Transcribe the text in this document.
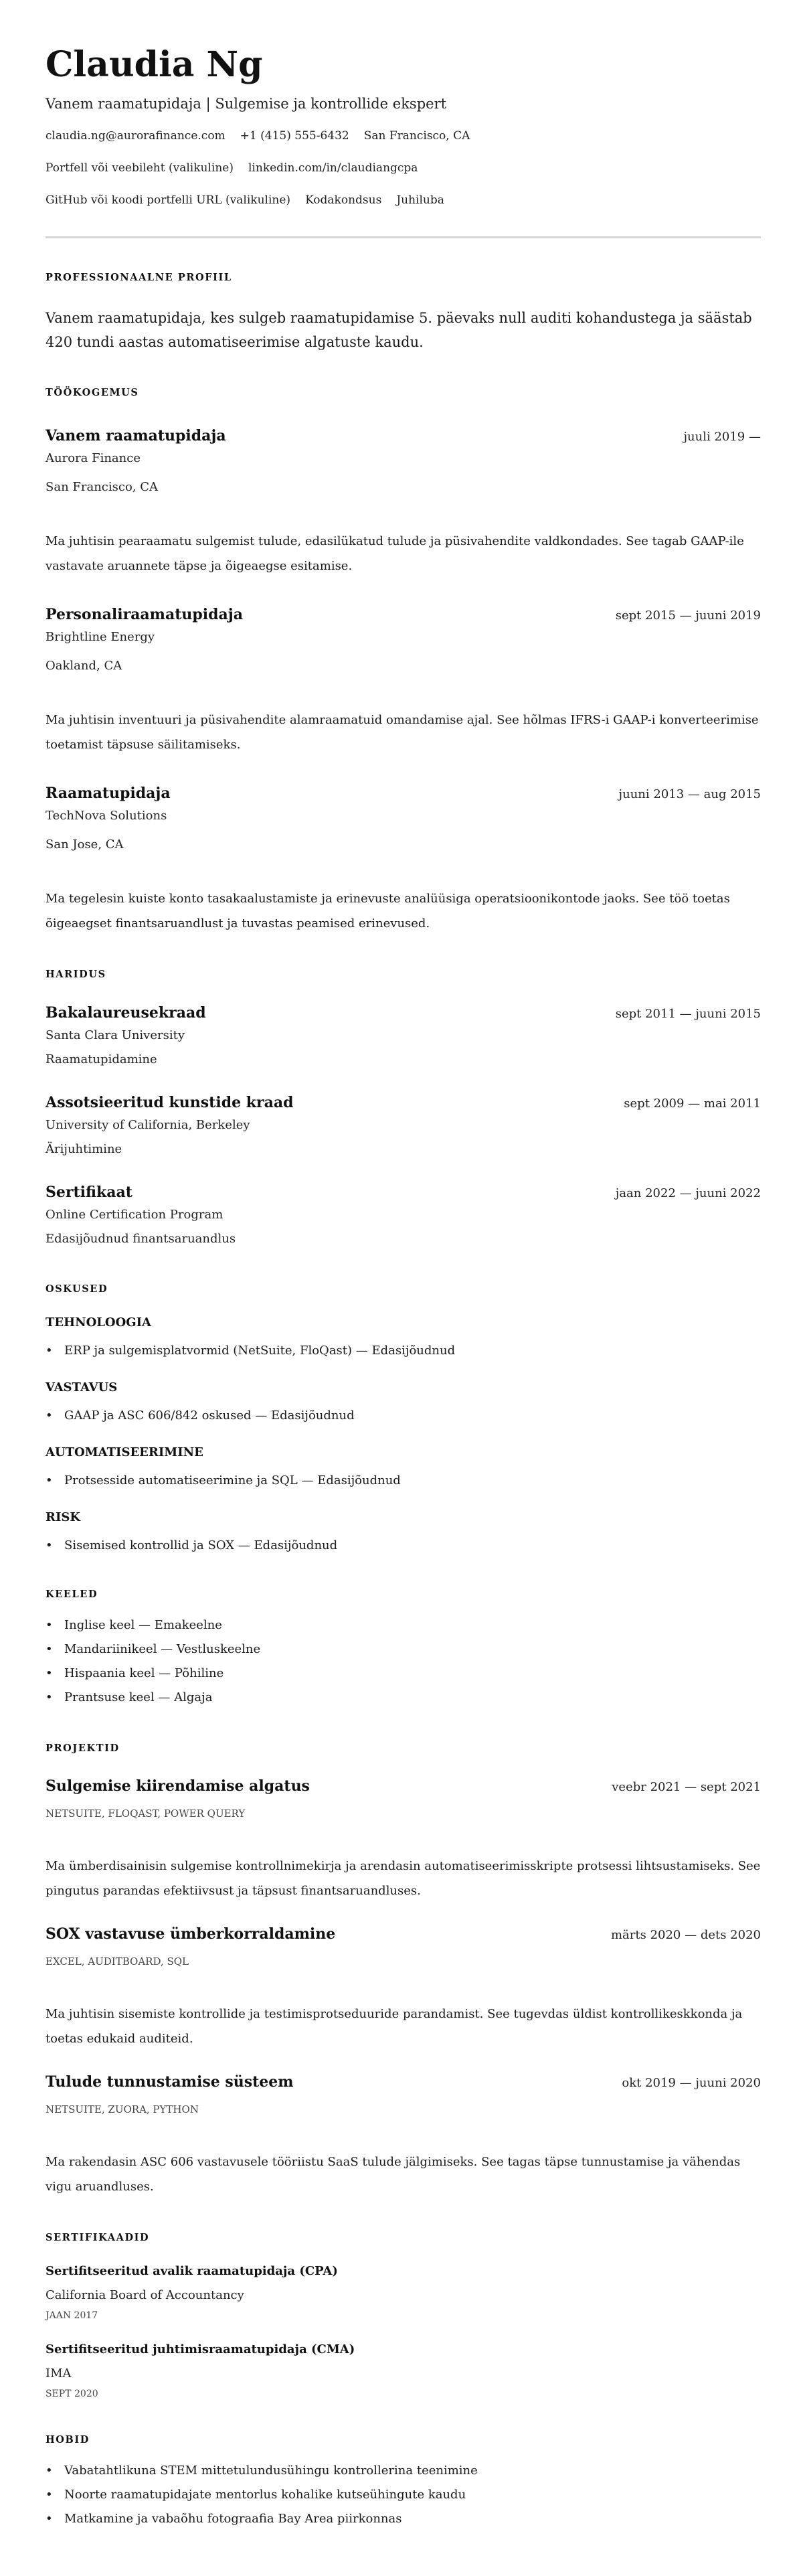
Claudia Ng
Vanem raamatupidaja | Sulgemise ja kontrollide ekspert
claudia.ng@aurorafinance.com +1 (415) 555-6432 San Francisco, CA
Portfell või veebileht (valikuline) linkedin.com/in/claudiangcpa
GitHub või koodi portfelli URL (valikuline) Kodakondsus Juhiluba
PROFESSIONAALNE PROFIIL
Vanem raamatupidaja, kes sulgeb raamatupidamise 5. päevaks null auditi kohandustega ja säästab 420 tundi aastas automatiseerimise algatuste kaudu.
TÖÖKOGEMUS
Vanem raamatupidaja	juuli 2019 —
Aurora Finance
San Francisco, CA
Ma juhtisin pearaamatu sulgemist tulude, edasilükatud tulude ja püsivahendite valdkondades. See tagab GAAP-ile vastavate aruannete täpse ja õigeaegse esitamise.
Personaliraamatupidaja	sept 2015 — juuni 2019
Brightline Energy
Oakland, CA
Ma juhtisin inventuuri ja püsivahendite alamraamatuid omandamise ajal. See hõlmas IFRS-i GAAP-i konverteerimise toetamist täpsuse säilitamiseks.
Raamatupidaja	juuni 2013 — aug 2015
TechNova Solutions
San Jose, CA
Ma tegelesin kuiste konto tasakaalustamiste ja erinevuste analüüsiga operatsioonikontode jaoks. See töö toetas õigeaegset finantsaruandlust ja tuvastas peamised erinevused.
HARIDUS
Bakalaureusekraad	sept 2011 — juuni 2015
Santa Clara University
Raamatupidamine
Assotsieeritud kunstide kraad	sept 2009 — mai 2011
University of California, Berkeley
Ärijuhtimine
Sertifikaat	jaan 2022 — juuni 2022
Online Certification Program
Edasijõudnud finantsaruandlus
OSKUSED
TEHNOLOOGIA
• ERP ja sulgemisplatvormid (NetSuite, FloQast) — Edasijõudnud
VASTAVUS
• GAAP ja ASC 606/842 oskused — Edasijõudnud
AUTOMATISEERIMINE
• Protsesside automatiseerimine ja SQL — Edasijõudnud
RISK
• Sisemised kontrollid ja SOX — Edasijõudnud
KEELED
• Inglise keel — Emakeelne
• Mandariinikeel — Vestluskeelne
• Hispaania keel — Põhiline
• Prantsuse keel — Algaja
PROJEKTID
Sulgemise kiirendamise algatus	veebr 2021 — sept 2021
NETSUITE, FLOQAST, POWER QUERY
Ma ümberdisainisin sulgemise kontrollnimekirja ja arendasin automatiseerimisskripte protsessi lihtsustamiseks. See pingutus parandas efektiivsust ja täpsust finantsaruandluses.
SOX vastavuse ümberkorraldamine	märts 2020 — dets 2020
EXCEL, AUDITBOARD, SQL
Ma juhtisin sisemiste kontrollide ja testimisprotseduuride parandamist. See tugevdas üldist kontrollikeskkonda ja toetas edukaid auditeid.
Tulude tunnustamise süsteem	okt 2019 — juuni 2020
NETSUITE, ZUORA, PYTHON
Ma rakendasin ASC 606 vastavusele tööriistu SaaS tulude jälgimiseks. See tagas täpse tunnustamise ja vähendas vigu aruandluses.
SERTIFIKAADID
Sertifitseeritud avalik raamatupidaja (CPA)
California Board of Accountancy
JAAN 2017
Sertifitseeritud juhtimisraamatupidaja (CMA)
IMA
SEPT 2020
HOBID
• Vabatahtlikuna STEM mittetulundusühingu kontrollerina teenimine
• Noorte raamatupidajate mentorlus kohalike kutseühingute kaudu
• Matkamine ja vabaõhu fotograafia Bay Area piirkonnas
